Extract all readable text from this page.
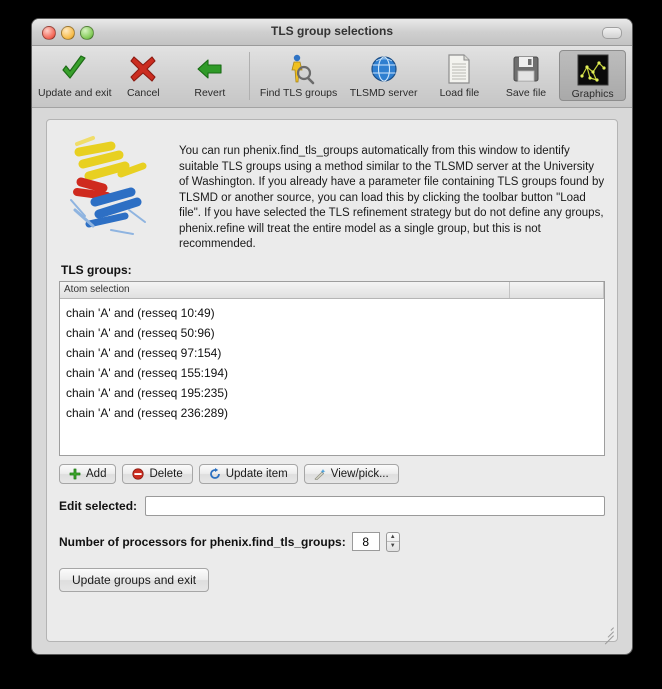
TLS group selections
Update and exit	Cancel	Revert	Find TLS groups	TLSMD server	Load file	Save file	Graphics
You can run phenix.find_tls_groups automatically from this window to identify suitable TLS groups using a method similar to the TLSMD server at the University of Washington. If you already have a parameter file containing TLS groups found by TLSMD or another source, you can load this by clicking the toolbar button "Load file". If you have selected the TLS refinement strategy but do not define any groups, phenix.refine will treat the entire model as a single group, but this is not recommended.
TLS groups:
Atom selection
chain 'A' and (resseq 10:49)
chain 'A' and (resseq 50:96)
chain 'A' and (resseq 97:154)
chain 'A' and (resseq 155:194)
chain 'A' and (resseq 195:235)
chain 'A' and (resseq 236:289)
Add	Delete	Update item	View/pick...
Edit selected:
Number of processors for phenix.find_tls_groups:
8	▲
▼
Update groups and exit
